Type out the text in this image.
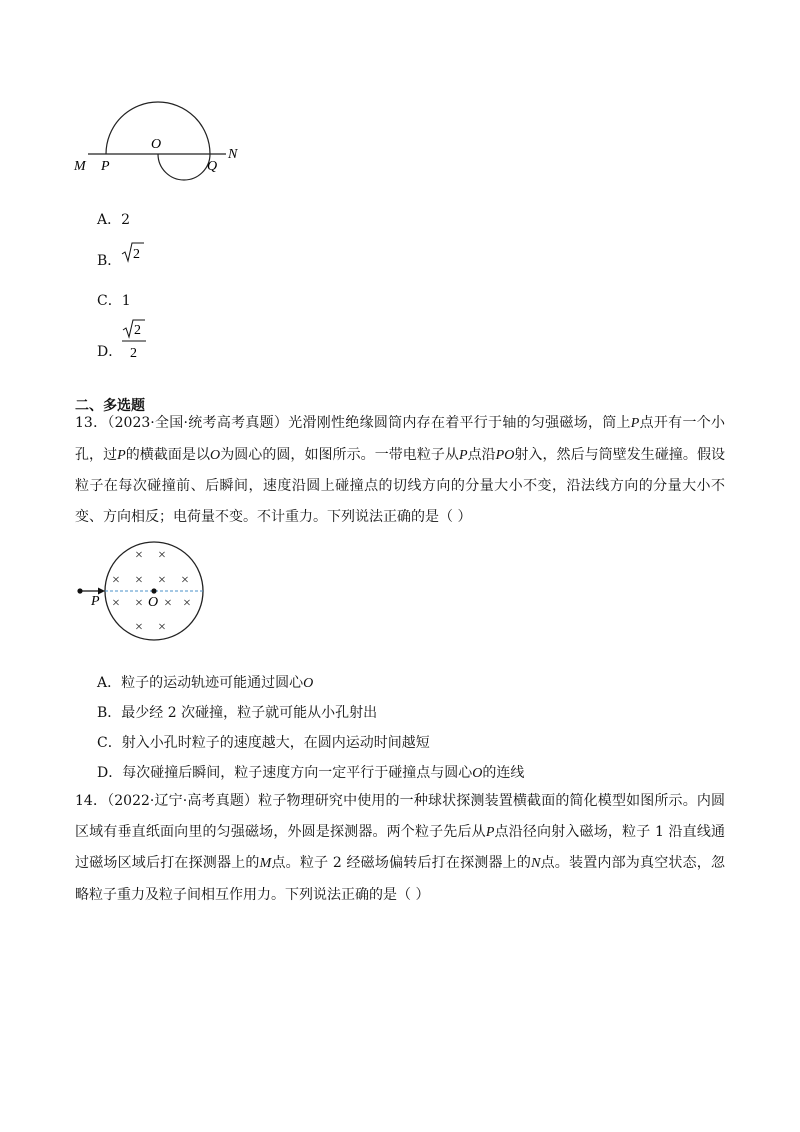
M P
O
Q
N
A．2
B． 2
C．1
D．
2
2
二、多选题
13．（2023·全国·统考高考真题）光滑刚性绝缘圆筒内存在着平行于轴的匀强磁场，筒上P点开有一个小孔，过P的横截面是以O为圆心的圆，如图所示。一带电粒子从P点沿PO射入，然后与筒壁发生碰撞。假设粒子在每次碰撞前、后瞬间，速度沿圆上碰撞点的切线方向的分量大小不变，沿法线方向的分量大小不变、方向相反；电荷量不变。不计重力。下列说法正确的是（ ）
× ×
× × × ×
× × × ×
× ×
P	O
A．粒子的运动轨迹可能通过圆心O
B．最少经 2 次碰撞，粒子就可能从小孔射出
C．射入小孔时粒子的速度越大，在圆内运动时间越短
D．每次碰撞后瞬间，粒子速度方向一定平行于碰撞点与圆心O的连线
14．（2022·辽宁·高考真题）粒子物理研究中使用的一种球状探测装置横截面的简化模型如图所示。内圆区域有垂直纸面向里的匀强磁场，外圆是探测器。两个粒子先后从P点沿径向射入磁场，粒子 1 沿直线通过磁场区域后打在探测器上的M点。粒子 2 经磁场偏转后打在探测器上的N点。装置内部为真空状态，忽略粒子重力及粒子间相互作用力。下列说法正确的是（ ）
